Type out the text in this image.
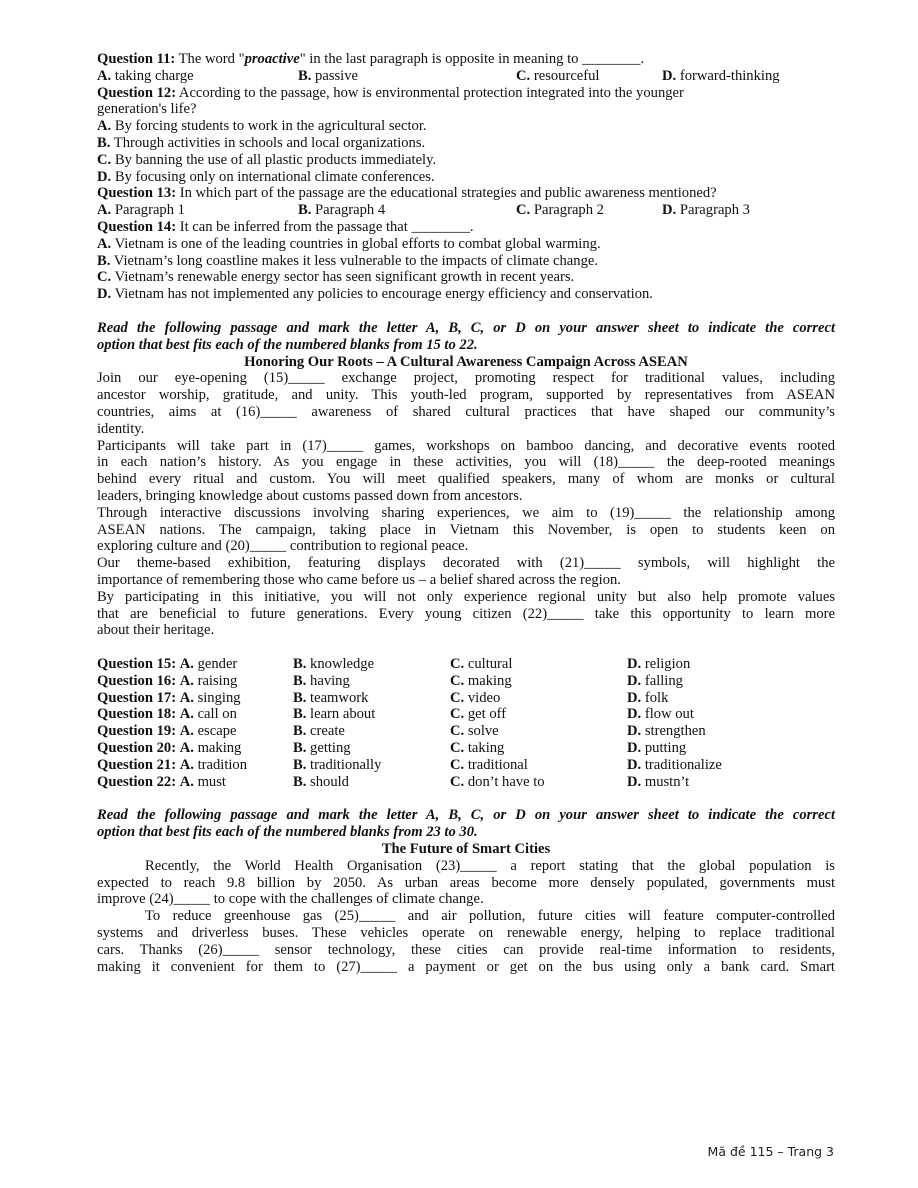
Question 11: The word "proactive" in the last paragraph is opposite in meaning to ________.
A. taking charge	B. passive	C. resourceful	D. forward-thinking
Question 12: According to the passage, how is environmental protection integrated into the younger
generation's life?
A. By forcing students to work in the agricultural sector.
B. Through activities in schools and local organizations.
C. By banning the use of all plastic products immediately.
D. By focusing only on international climate conferences.
Question 13: In which part of the passage are the educational strategies and public awareness mentioned?
A. Paragraph 1	B. Paragraph 4	C. Paragraph 2	D. Paragraph 3
Question 14: It can be inferred from the passage that ________.
A. Vietnam is one of the leading countries in global efforts to combat global warming.
B. Vietnam’s long coastline makes it less vulnerable to the impacts of climate change.
C. Vietnam’s renewable energy sector has seen significant growth in recent years.
D. Vietnam has not implemented any policies to encourage energy efficiency and conservation.
Read the following passage and mark the letter A, B, C, or D on your answer sheet to indicate the correct
option that best fits each of the numbered blanks from 15 to 22.
Honoring Our Roots – A Cultural Awareness Campaign Across ASEAN
Join our eye-opening (15)_____ exchange project, promoting respect for traditional values, including
ancestor worship, gratitude, and unity. This youth-led program, supported by representatives from ASEAN
countries, aims at (16)_____ awareness of shared cultural practices that have shaped our community’s
identity.
Participants will take part in (17)_____ games, workshops on bamboo dancing, and decorative events rooted
in each nation’s history. As you engage in these activities, you will (18)_____ the deep-rooted meanings
behind every ritual and custom. You will meet qualified speakers, many of whom are monks or cultural
leaders, bringing knowledge about customs passed down from ancestors.
Through interactive discussions involving sharing experiences, we aim to (19)_____ the relationship among
ASEAN nations. The campaign, taking place in Vietnam this November, is open to students keen on
exploring culture and (20)_____ contribution to regional peace.
Our theme-based exhibition, featuring displays decorated with (21)_____ symbols, will highlight the
importance of remembering those who came before us – a belief shared across the region.
By participating in this initiative, you will not only experience regional unity but also help promote values
that are beneficial to future generations. Every young citizen (22)_____ take this opportunity to learn more
about their heritage.
Question 15: A. gender	B. knowledge	C. cultural	D. religion
Question 16: A. raising	B. having	C. making	D. falling
Question 17: A. singing	B. teamwork	C. video	D. folk
Question 18: A. call on	B. learn about	C. get off	D. flow out
Question 19: A. escape	B. create	C. solve	D. strengthen
Question 20: A. making	B. getting	C. taking	D. putting
Question 21: A. tradition	B. traditionally	C. traditional	D. traditionalize
Question 22: A. must	B. should	C. don’t have to	D. mustn’t
Read the following passage and mark the letter A, B, C, or D on your answer sheet to indicate the correct
option that best fits each of the numbered blanks from 23 to 30.
The Future of Smart Cities
Recently, the World Health Organisation (23)_____ a report stating that the global population is
expected to reach 9.8 billion by 2050. As urban areas become more densely populated, governments must
improve (24)_____ to cope with the challenges of climate change.
To reduce greenhouse gas (25)_____ and air pollution, future cities will feature computer-controlled
systems and driverless buses. These vehicles operate on renewable energy, helping to replace traditional
cars. Thanks (26)_____ sensor technology, these cities can provide real-time information to residents,
making it convenient for them to (27)_____ a payment or get on the bus using only a bank card. Smart
Mã đề 115 – Trang 3
